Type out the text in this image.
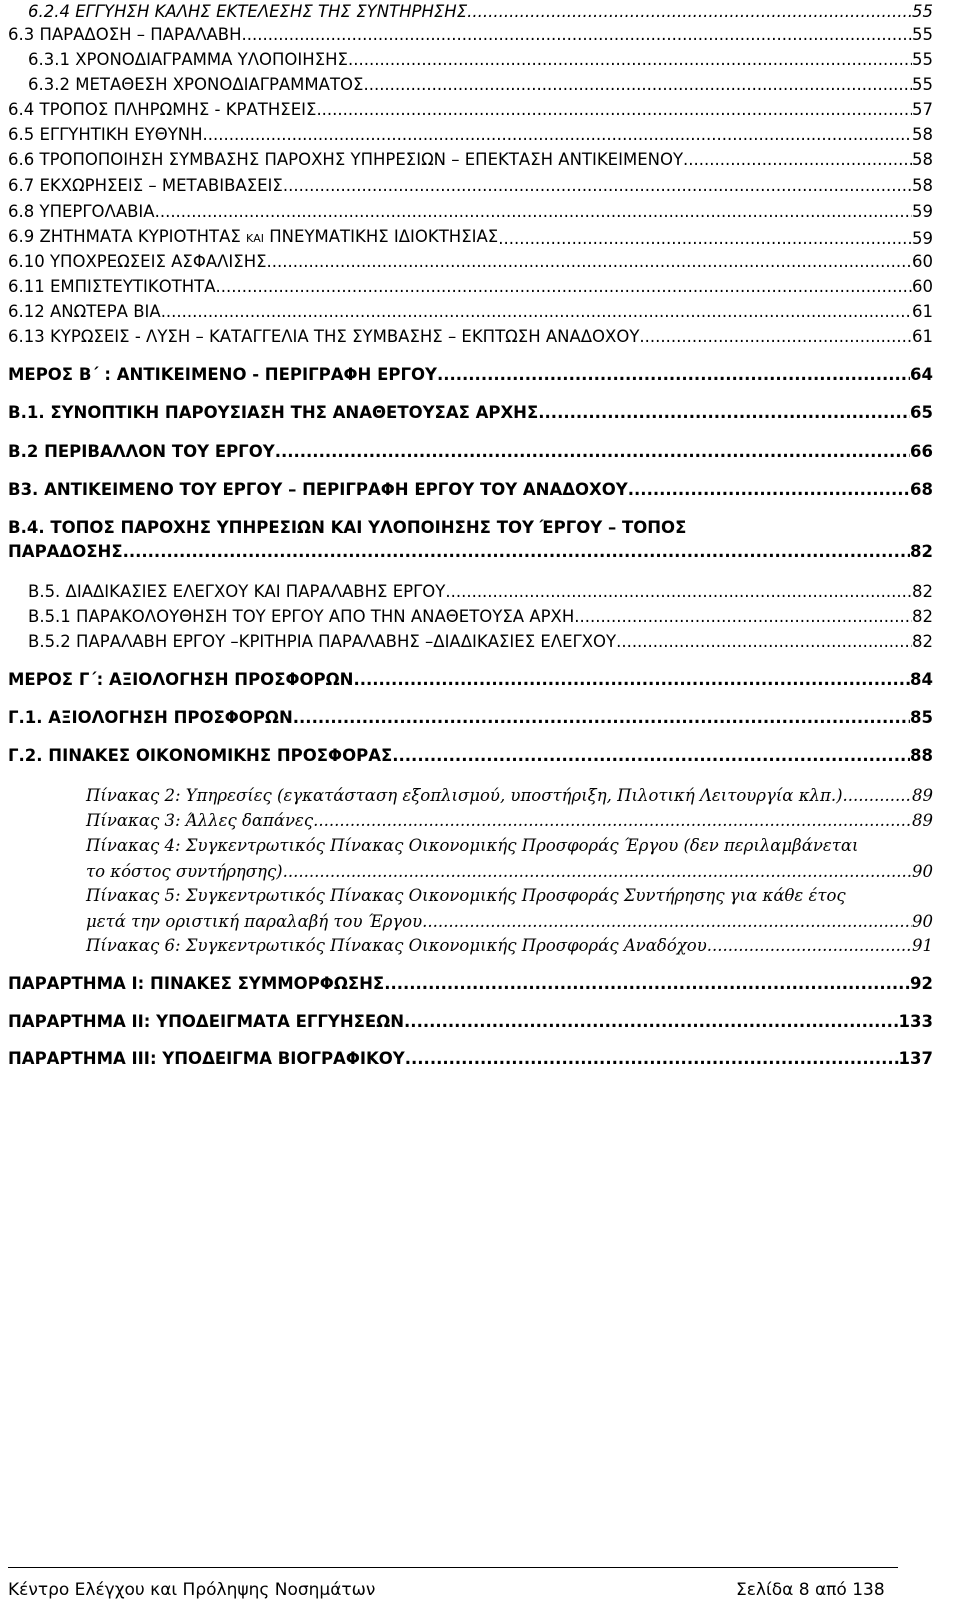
6.2.4 ΕΓΓΥΗΣΗ ΚΑΛΗΣ ΕΚΤΕΛΕΣΗΣ ΤΗΣ ΣΥΝΤΗΡΗΣΗΣ .....	55
6.3 ΠΑΡΑΔΟΣΗ – ΠΑΡΑΛΑΒΗ .....	55
6.3.1 ΧΡΟΝΟΔΙΑΓΡΑΜΜΑ ΥΛΟΠΟΙΗΣΗΣ .....	55
6.3.2 ΜΕΤΑΘΕΣΗ ΧΡΟΝΟΔΙΑΓΡΑΜΜΑΤΟΣ .....	55
6.4 ΤΡΟΠΟΣ ΠΛΗΡΩΜΗΣ - ΚΡΑΤΗΣΕΙΣ .....	57
6.5 ΕΓΓΥΗΤΙΚΗ ΕΥΘΥΝΗ .....	58
6.6 ΤΡΟΠΟΠΟΙΗΣΗ ΣΥΜΒΑΣΗΣ ΠΑΡΟΧΗΣ ΥΠΗΡΕΣΙΩΝ – ΕΠΕΚΤΑΣΗ ΑΝΤΙΚΕΙΜΕΝΟΥ .....	58
6.7 ΕΚΧΩΡΗΣΕΙΣ – ΜΕΤΑΒΙΒΑΣΕΙΣ .....	58
6.8 ΥΠΕΡΓΟΛΑΒΙΑ .....	59
6.9 ΖΗΤΗΜΑΤΑ ΚΥΡΙΟΤΗΤΑΣ ΚΑΙ ΠΝΕΥΜΑΤΙΚΗΣ ΙΔΙΟΚΤΗΣΙΑΣ .....	59
6.10 ΥΠΟΧΡΕΩΣΕΙΣ ΑΣΦΑΛΙΣΗΣ .....	60
6.11 ΕΜΠΙΣΤΕΥΤΙΚΟΤΗΤΑ .....	60
6.12 ΑΝΩΤΕΡΑ ΒΙΑ .....	61
6.13 ΚΥΡΩΣΕΙΣ - ΛΥΣΗ – ΚΑΤΑΓΓΕΛΙΑ ΤΗΣ ΣΥΜΒΑΣΗΣ – ΕΚΠΤΩΣΗ ΑΝΑΔΟΧΟΥ .....	61
ΜΕΡΟΣ Β΄ : ΑΝΤΙΚΕΙΜΕΝΟ - ΠΕΡΙΓΡΑΦΗ ΕΡΓΟΥ .....	64
Β.1. ΣΥΝΟΠΤΙΚΗ ΠΑΡΟΥΣΙΑΣΗ ΤΗΣ ΑΝΑΘΕΤΟΥΣΑΣ ΑΡΧΗΣ .....	65
Β.2 ΠΕΡΙΒΑΛΛΟΝ ΤΟΥ ΕΡΓΟΥ .....	66
Β3. ΑΝΤΙΚΕΙΜΕΝΟ ΤΟΥ ΕΡΓΟΥ – ΠΕΡΙΓΡΑΦΗ ΕΡΓΟΥ ΤΟΥ ΑΝΑΔΟΧΟΥ .....	68
Β.4. ΤΟΠΟΣ ΠΑΡΟΧΗΣ ΥΠΗΡΕΣΙΩΝ ΚΑΙ ΥΛΟΠΟΙΗΣΗΣ ΤΟΥ ΈΡΓΟΥ – ΤΟΠΟΣ
ΠΑΡΑΔΟΣΗΣ .....	82
Β.5. ΔΙΑΔΙΚΑΣΙΕΣ ΕΛΕΓΧΟΥ ΚΑΙ ΠΑΡΑΛΑΒΗΣ ΕΡΓΟΥ .....	82
Β.5.1 ΠΑΡΑΚΟΛΟΥΘΗΣΗ ΤΟΥ ΕΡΓΟΥ ΑΠΟ ΤΗΝ ΑΝΑΘΕΤΟΥΣΑ ΑΡΧΗ .....	82
Β.5.2 ΠΑΡΑΛΑΒΗ ΕΡΓΟΥ –ΚΡΙΤΗΡΙΑ ΠΑΡΑΛΑΒΗΣ –ΔΙΑΔΙΚΑΣΙΕΣ ΕΛΕΓΧΟΥ .....	82
ΜΕΡΟΣ Γ΄: ΑΞΙΟΛΟΓΗΣΗ ΠΡΟΣΦΟΡΩΝ .....	84
Γ.1. ΑΞΙΟΛΟΓΗΣΗ ΠΡΟΣΦΟΡΩΝ .....	85
Γ.2. ΠΙΝΑΚΕΣ ΟΙΚΟΝΟΜΙΚΗΣ ΠΡΟΣΦΟΡΑΣ .....	88
Πίνακας 2: Υπηρεσίες (εγκατάσταση εξοπλισμού, υποστήριξη, Πιλοτική Λειτουργία κλπ.) .....	89
Πίνακας 3: Άλλες δαπάνες .....	89
Πίνακας 4: Συγκεντρωτικός Πίνακας Οικονομικής Προσφοράς Έργου (δεν περιλαμβάνεται
το κόστος συντήρησης). .....	90
Πίνακας 5: Συγκεντρωτικός Πίνακας Οικονομικής Προσφοράς Συντήρησης για κάθε έτος
μετά την οριστική παραλαβή του Έργου. .....	90
Πίνακας 6: Συγκεντρωτικός Πίνακας Οικονομικής Προσφοράς Αναδόχου. .....	91
ΠΑΡΑΡΤΗΜΑ Ι: ΠΙΝΑΚΕΣ ΣΥΜΜΟΡΦΩΣΗΣ .....	92
ΠΑΡΑΡΤΗΜΑ ΙΙ: ΥΠΟΔΕΙΓΜΑΤΑ ΕΓΓΥΗΣΕΩΝ .....	133
ΠΑΡΑΡΤΗΜΑ ΙΙΙ: ΥΠΟΔΕΙΓΜΑ ΒΙΟΓΡΑΦΙΚΟΥ .....	137
Κέντρο Ελέγχου και Πρόληψης Νοσημάτων	Σελίδα 8 από 138
